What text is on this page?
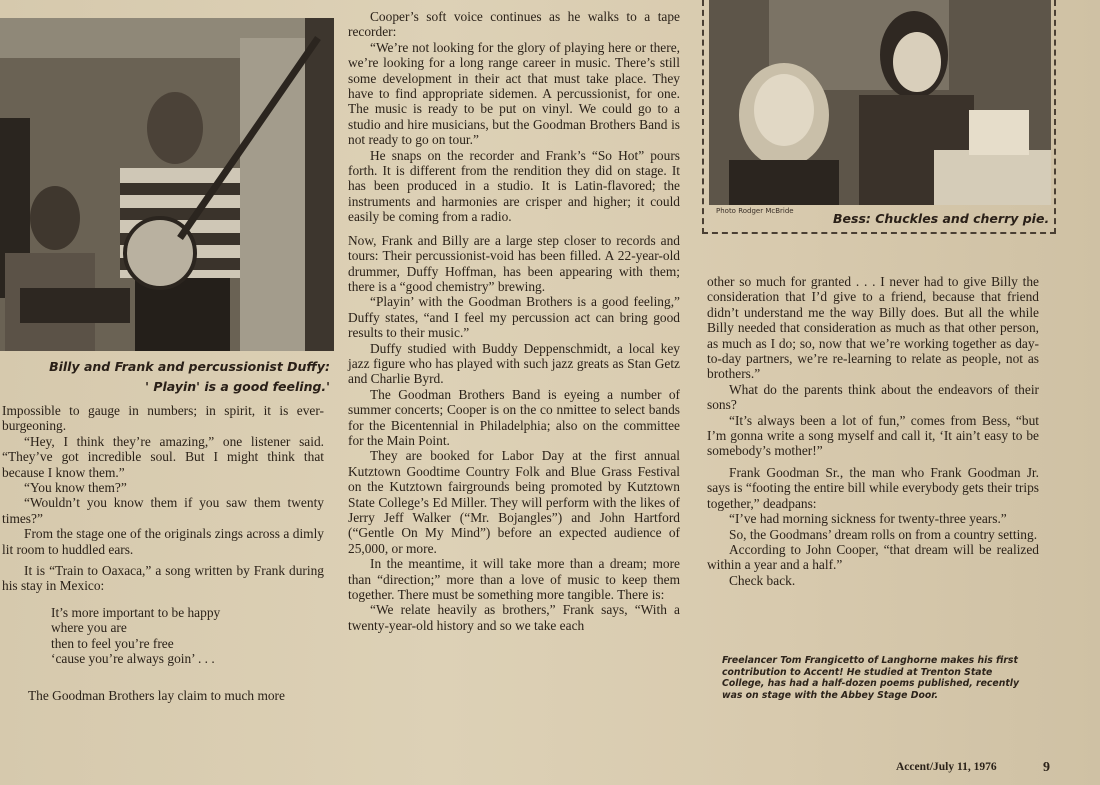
Billy and Frank and percussionist Duffy:
' Playin' is a good feeling.'
Photo Rodger McBride	Bess: Chuckles and cherry pie.

Impossible to gauge in numbers; in spirit, it is ever-burgeoning.

“Hey, I think they’re amazing,” one listener said. “They’ve got incredible soul. But I might think that because I know them.”

“You know them?”

“Wouldn’t you know them if you saw them twenty times?”

From the stage one of the originals zings across a dimly lit room to huddled ears.

It is “Train to Oaxaca,” a song written by Frank during his stay in Mexico:

It’s more important to be happy
where you are
then to feel you’re free
‘cause you’re always goin’ . . .
The Goodman Brothers lay claim to much more

Cooper’s soft voice continues as he walks to a tape recorder:

“We’re not looking for the glory of playing here or there, we’re looking for a long range career in music. There’s still some development in their act that must take place. They have to find appropriate sidemen. A percussionist, for one. The music is ready to be put on vinyl. We could go to a studio and hire musicians, but the Goodman Brothers Band is not ready to go on tour.”

He snaps on the recorder and Frank’s “So Hot” pours forth. It is different from the rendition they did on stage. It has been produced in a studio. It is Latin-flavored; the instruments and harmonies are crisper and higher; it could easily be coming from a radio.

Now, Frank and Billy are a large step closer to records and tours: Their percussionist-void has been filled. A 22-year-old drummer, Duffy Hoffman, has been appearing with them; there is a “good chemistry” brewing.

“Playin’ with the Goodman Brothers is a good feeling,” Duffy states, “and I feel my percussion act can bring good results to their music.”

Duffy studied with Buddy Deppenschmidt, a local key jazz figure who has played with such jazz greats as Stan Getz and Charlie Byrd.

The Goodman Brothers Band is eyeing a number of summer concerts; Cooper is on the co nmittee to select bands for the Bicentennial in Philadelphia; also on the committee for the Main Point.

They are booked for Labor Day at the first annual Kutztown Goodtime Country Folk and Blue Grass Festival on the Kutztown fairgrounds being promoted by Kutztown State College’s Ed Miller. They will perform with the likes of Jerry Jeff Walker (“Mr. Bojangles”) and John Hartford (“Gentle On My Mind”) before an expected audience of 25,000, or more.

In the meantime, it will take more than a dream; more than “direction;” more than a love of music to keep them together. There must be something more tangible. There is:

“We relate heavily as brothers,” Frank says, “With a twenty-year-old history and so we take each

other so much for granted . . . I never had to give Billy the consideration that I’d give to a friend, because that friend didn’t understand me the way Billy does. But all the while Billy needed that consideration as much as that other person, as much as I do; so, now that we’re working together as day-to-day partners, we’re re-learning to relate as people, not as brothers.”

What do the parents think about the endeavors of their sons?

“It’s always been a lot of fun,” comes from Bess, “but I’m gonna write a song myself and call it, ‘It ain’t easy to be somebody’s mother!”

Frank Goodman Sr., the man who Frank Goodman Jr. says is “footing the entire bill while everybody gets their trips together,” deadpans:

“I’ve had morning sickness for twenty-three years.”

So, the Goodmans’ dream rolls on from a country setting.

According to John Cooper, “that dream will be realized within a year and a half.”

Check back.

Freelancer Tom Frangicetto of Langhorne makes his first contribution to Accent! He studied at Trenton State College, has had a half-dozen poems published, recently was on stage with the Abbey Stage Door.
Accent/July 11, 1976	9
